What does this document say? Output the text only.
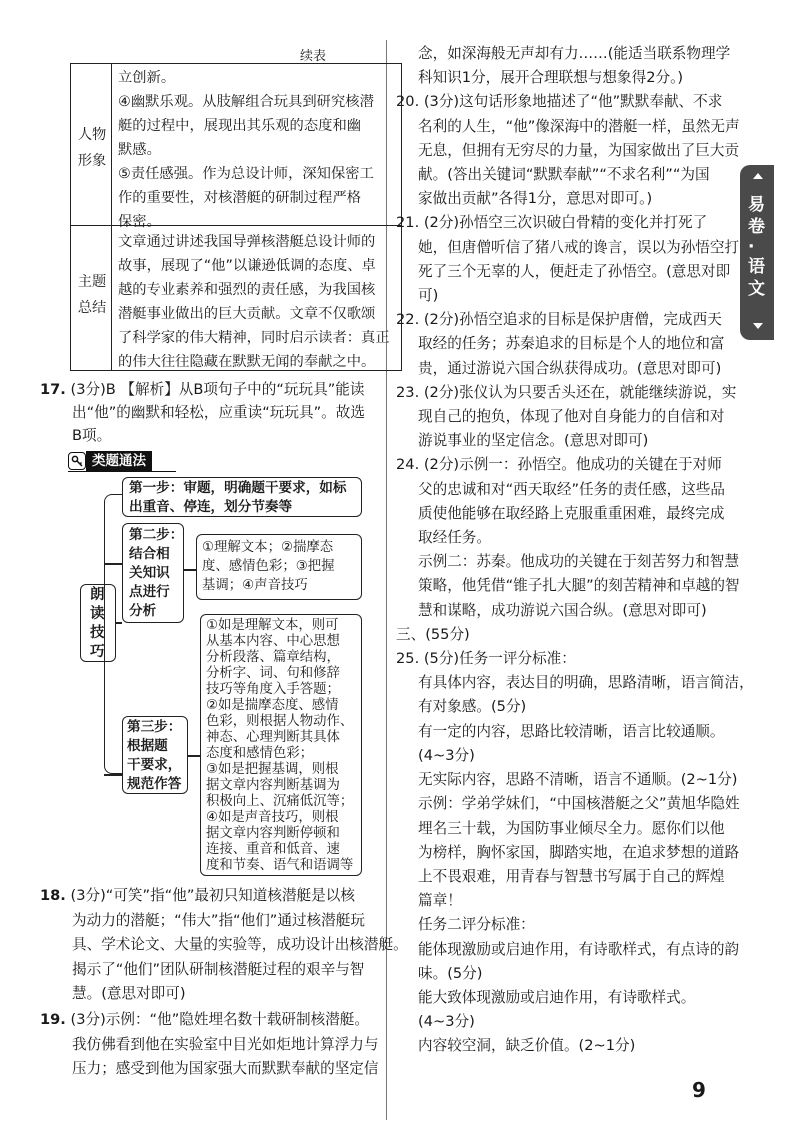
续表
人物
形象
主题
总结
立创新。
④幽默乐观。从肢解组合玩具到研究核潜
艇的过程中，展现出其乐观的态度和幽
默感。
⑤责任感强。作为总设计师，深知保密工
作的重要性，对核潜艇的研制过程严格
保密。
文章通过讲述我国导弹核潜艇总设计师的
故事，展现了“他”以谦逊低调的态度、卓
越的专业素养和强烈的责任感，为我国核
潜艇事业做出的巨大贡献。文章不仅歌颂
了科学家的伟大精神，同时启示读者：真正
的伟大往往隐藏在默默无闻的奉献之中。
17. (3分)B 【解析】从B项句子中的“玩玩具”能读
出“他”的幽默和轻松，应重读“玩玩具”。故选
B项。
类题通法
朗
读
技
巧
第一步：审题，明确题干要求，如标
出重音、停连，划分节奏等
第二步：
结合相
关知识
点进行
分析
①理解文本；②揣摩态
度、感情色彩；③把握
基调；④声音技巧
第三步：
根据题
干要求，
规范作答
①如是理解文本，则可
从基本内容、中心思想
分析段落、篇章结构，
分析字、词、句和修辞
技巧等角度入手答题；
②如是揣摩态度、感情
色彩，则根据人物动作、
神态、心理判断其具体
态度和感情色彩；
③如是把握基调，则根
据文章内容判断基调为
积极向上、沉痛低沉等；
④如是声音技巧，则根
据文章内容判断停顿和
连接、重音和低音、速
度和节奏、语气和语调等
18. (3分)“可笑”指“他”最初只知道核潜艇是以核
为动力的潜艇；“伟大”指“他们”通过核潜艇玩
具、学术论文、大量的实验等，成功设计出核潜艇。
揭示了“他们”团队研制核潜艇过程的艰辛与智
慧。(意思对即可)
19. (3分)示例：“他”隐姓埋名数十载研制核潜艇。
我仿佛看到他在实验室中目光如炬地计算浮力与
压力；感受到他为国家强大而默默奉献的坚定信
念，如深海般无声却有力……(能适当联系物理学
科知识1分，展开合理联想与想象得2分。)
20. (3分)这句话形象地描述了“他”默默奉献、不求
名利的人生，“他”像深海中的潜艇一样，虽然无声
无息，但拥有无穷尽的力量，为国家做出了巨大贡
献。(答出关键词“默默奉献”“不求名利”“为国
家做出贡献”各得1分，意思对即可。)
21. (2分)孙悟空三次识破白骨精的变化并打死了
她，但唐僧听信了猪八戒的谗言，误以为孙悟空打
死了三个无辜的人，便赶走了孙悟空。(意思对即
可)
22. (2分)孙悟空追求的目标是保护唐僧，完成西天
取经的任务；苏秦追求的目标是个人的地位和富
贵，通过游说六国合纵获得成功。(意思对即可)
23. (2分)张仪认为只要舌头还在，就能继续游说，实
现自己的抱负，体现了他对自身能力的自信和对
游说事业的坚定信念。(意思对即可)
24. (2分)示例一：孙悟空。他成功的关键在于对师
父的忠诚和对“西天取经”任务的责任感，这些品
质使他能够在取经路上克服重重困难，最终完成
取经任务。
示例二：苏秦。他成功的关键在于刻苦努力和智慧
策略，他凭借“锥子扎大腿”的刻苦精神和卓越的智
慧和谋略，成功游说六国合纵。(意思对即可)
三、(55分)
25. (5分)任务一评分标准：
有具体内容，表达目的明确，思路清晰，语言简洁，
有对象感。(5分)
有一定的内容，思路比较清晰，语言比较通顺。
(4~3分)
无实际内容，思路不清晰，语言不通顺。(2~1分)
示例：学弟学妹们，“中国核潜艇之父”黄旭华隐姓
埋名三十载，为国防事业倾尽全力。愿你们以他
为榜样，胸怀家国，脚踏实地，在追求梦想的道路
上不畏艰难，用青春与智慧书写属于自己的辉煌
篇章！
任务二评分标准：
能体现激励或启迪作用，有诗歌样式，有点诗的韵
味。(5分)
能大致体现激励或启迪作用，有诗歌样式。
(4~3分)
内容较空洞，缺乏价值。(2~1分)
易
卷
·
语
文
9
